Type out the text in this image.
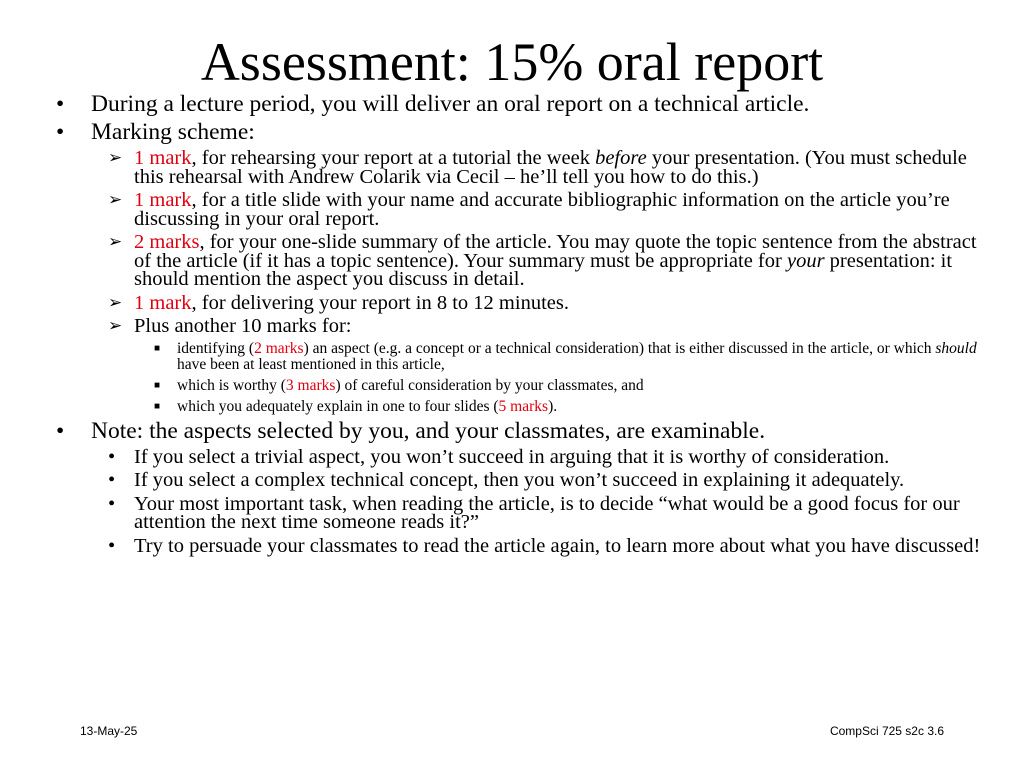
Assessment: 15% oral report
• During a lecture period, you will deliver an oral report on a technical article.
• Marking scheme:
➢ 1 mark, for rehearsing your report at a tutorial the week before your presentation. (You must schedule this rehearsal with Andrew Colarik via Cecil – he’ll tell you how to do this.)
➢ 1 mark, for a title slide with your name and accurate bibliographic information on the article you’re discussing in your oral report.
➢ 2 marks, for your one-slide summary of the article. You may quote the topic sentence from the abstract of the article (if it has a topic sentence). Your summary must be appropriate for your presentation: it should mention the aspect you discuss in detail.
➢ 1 mark, for delivering your report in 8 to 12 minutes.
➢ Plus another 10 marks for:
■ identifying (2 marks) an aspect (e.g. a concept or a technical consideration) that is either discussed in the article, or which should have been at least mentioned in this article,
■ which is worthy (3 marks) of careful consideration by your classmates, and
■ which you adequately explain in one to four slides (5 marks).
• Note: the aspects selected by you, and your classmates, are examinable.
• If you select a trivial aspect, you won’t succeed in arguing that it is worthy of consideration.
• If you select a complex technical concept, then you won’t succeed in explaining it adequately.
• Your most important task, when reading the article, is to decide “what would be a good focus for our attention the next time someone reads it?”
• Try to persuade your classmates to read the article again, to learn more about what you have discussed!
13-May-25	CompSci 725 s2c 3.6
